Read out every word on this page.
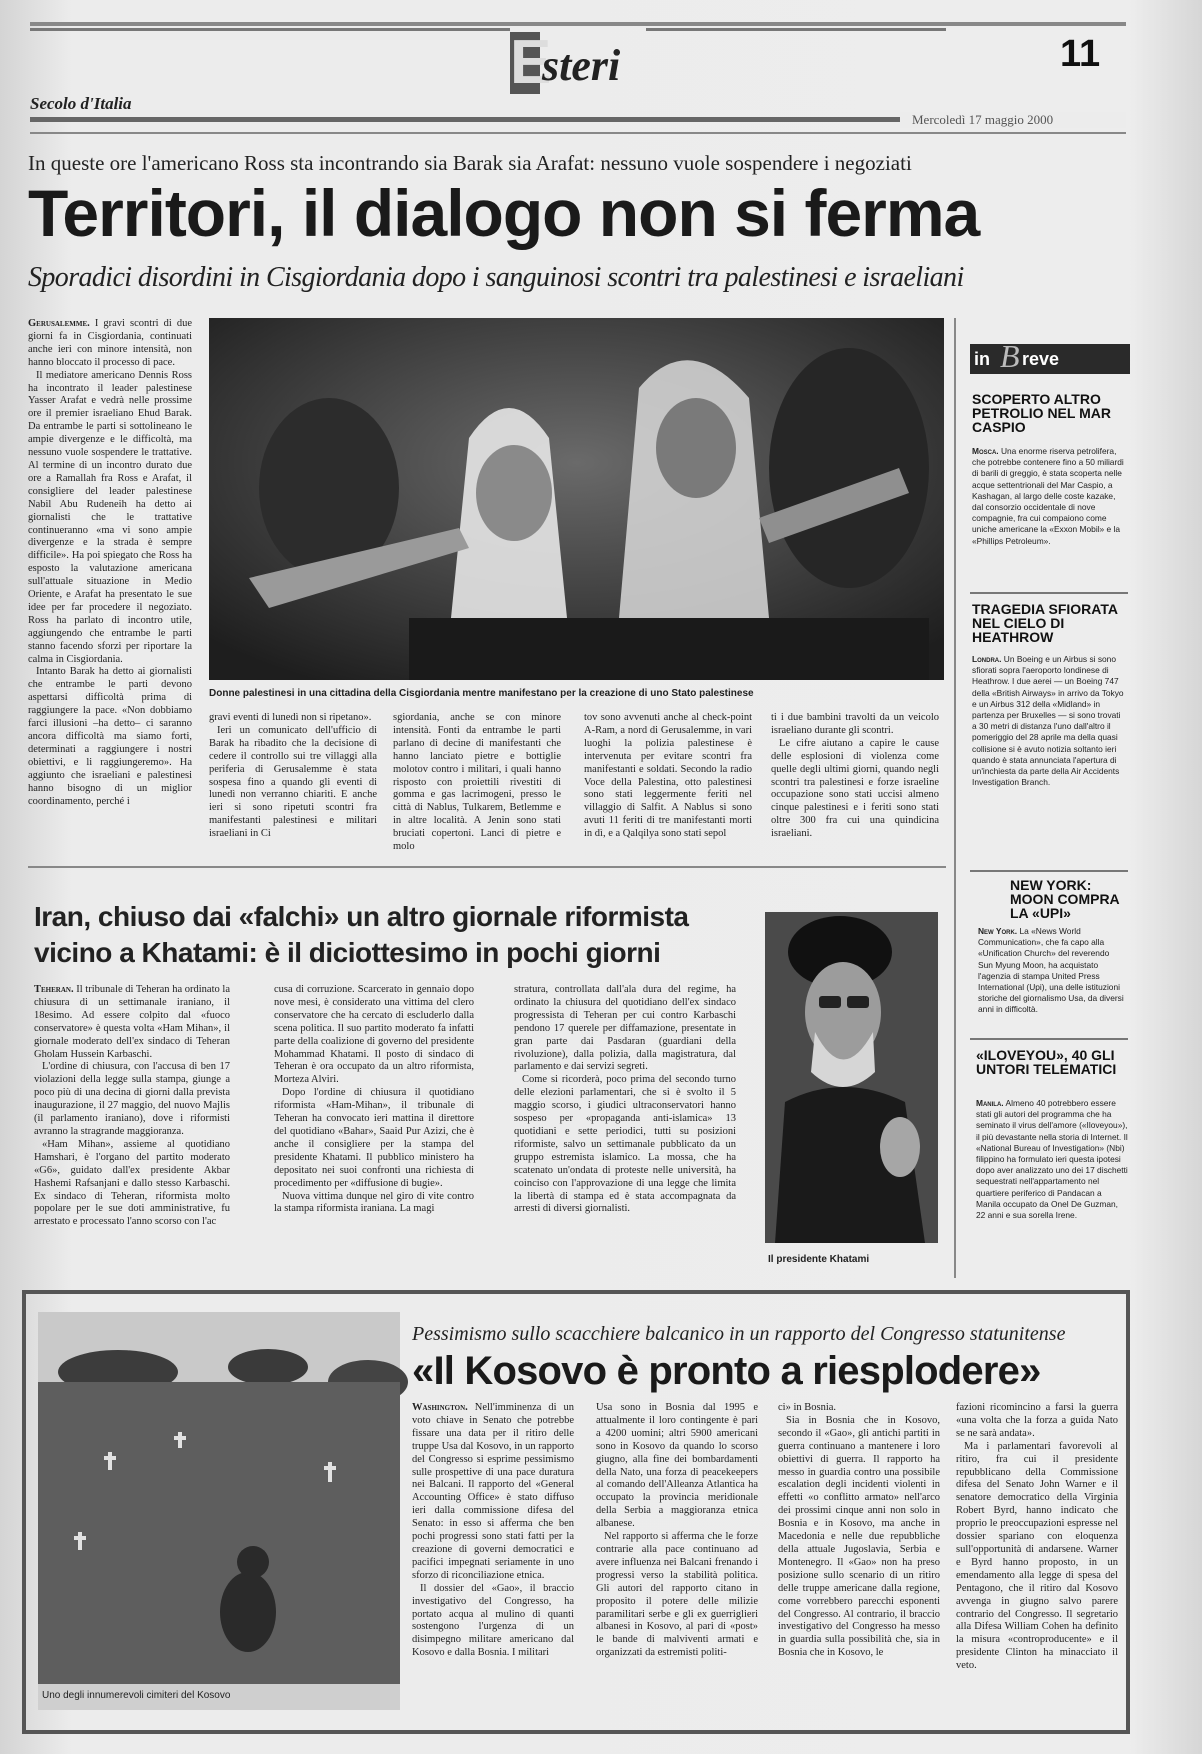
E
steri	11
Secolo d'Italia
Mercoledì 17 maggio 2000
In queste ore l'americano Ross sta incontrando sia Barak sia Arafat: nessuno vuole sospendere i negoziati
Territori, il dialogo non si ferma
Sporadici disordini in Cisgiordania dopo i sanguinosi scontri tra palestinesi e israeliani

Gerusalemme. I gravi scontri di due giorni fa in Cisgiordania, continuati anche ieri con minore intensità, non hanno bloccato il processo di pace.

Il mediatore americano Dennis Ross ha incontrato il leader palestinese Yasser Arafat e vedrà nelle prossime ore il premier israeliano Ehud Barak. Da entrambe le parti si sottolineano le ampie divergenze e le difficoltà, ma nessuno vuole sospendere le trattative. Al termine di un incontro durato due ore a Ramallah fra Ross e Arafat, il consigliere del leader palestinese Nabil Abu Rudeneih ha detto ai giornalisti che le trattative continueranno «ma vi sono ampie divergenze e la strada è sempre difficile». Ha poi spiegato che Ross ha esposto la valutazione americana sull'attuale situazione in Medio Oriente, e Arafat ha presentato le sue idee per far procedere il negoziato. Ross ha parlato di incontro utile, aggiungendo che entrambe le parti stanno facendo sforzi per riportare la calma in Cisgiordania.

Intanto Barak ha detto ai giornalisti che entrambe le parti devono aspettarsi difficoltà prima di raggiungere la pace. «Non dobbiamo farci illusioni –ha detto– ci saranno ancora difficoltà ma siamo forti, determinati a raggiungere i nostri obiettivi, e li raggiungeremo». Ha aggiunto che israeliani e palestinesi hanno bisogno di un miglior coordinamento, perché i

Donne palestinesi in una cittadina della Cisgiordania mentre manifestano per la creazione di uno Stato palestinese

gravi eventi di lunedì non si ripetano».

Ieri un comunicato dell'ufficio di Barak ha ribadito che la decisione di cedere il controllo sui tre villaggi alla periferia di Gerusalemme è stata sospesa fino a quando gli eventi di lunedì non verranno chiariti. E anche ieri si sono ripetuti scontri fra manifestanti palestinesi e militari israeliani in Ci

sgiordania, anche se con minore intensità. Fonti da entrambe le parti parlano di decine di manifestanti che hanno lanciato pietre e bottiglie molotov contro i militari, i quali hanno risposto con proiettili rivestiti di gomma e gas lacrimogeni, presso le città di Nablus, Tulkarem, Betlemme e in altre località. A Jenin sono stati bruciati copertoni. Lanci di pietre e molo

tov sono avvenuti anche al check-point A-Ram, a nord di Gerusalemme, in vari luoghi la polizia palestinese è intervenuta per evitare scontri fra manifestanti e soldati. Secondo la radio Voce della Palestina, otto palestinesi sono stati leggermente feriti nel villaggio di Salfit. A Nablus si sono avuti 11 feriti di tre manifestanti morti in dì, e a Qalqilya sono stati sepol

ti i due bambini travolti da un veicolo israeliano durante gli scontri.

Le cifre aiutano a capire le cause delle esplosioni di violenza come quelle degli ultimi giorni, quando negli scontri tra palestinesi e forze israeline occupazione sono stati uccisi almeno cinque palestinesi e i feriti sono stati oltre 300 fra cui una quindicina israeliani.

in B reve
SCOPERTO ALTRO PETROLIO NEL MAR CASPIO
Mosca. Una enorme riserva petrolifera, che potrebbe contenere fino a 50 miliardi di barili di greggio, è stata scoperta nelle acque settentrionali del Mar Caspio, a Kashagan, al largo delle coste kazake, dal consorzio occidentale di nove compagnie, fra cui compaiono come uniche americane la «Exxon Mobil» e la «Phillips Petroleum».
TRAGEDIA SFIORATA NEL CIELO DI HEATHROW
Londra. Un Boeing e un Airbus si sono sfiorati sopra l'aeroporto londinese di Heathrow. I due aerei — un Boeing 747 della «British Airways» in arrivo da Tokyo e un Airbus 312 della «Midland» in partenza per Bruxelles — si sono trovati a 30 metri di distanza l'uno dall'altro il pomeriggio del 28 aprile ma della quasi collisione si è avuto notizia soltanto ieri quando è stata annunciata l'apertura di un'inchiesta da parte della Air Accidents Investigation Branch.
NEW YORK: MOON COMPRA LA «UPI»
New York. La «News World Communication», che fa capo alla «Unification Church» del reverendo Sun Myung Moon, ha acquistato l'agenzia di stampa United Press International (Upi), una delle istituzioni storiche del giornalismo Usa, da diversi anni in difficoltà.
«ILOVEYOU», 40 GLI UNTORI TELEMATICI
Manila. Almeno 40 potrebbero essere stati gli autori del programma che ha seminato il virus dell'amore («Iloveyou»), il più devastante nella storia di Internet. Il «National Bureau of Investigation» (Nbi) filippino ha formulato ieri questa ipotesi dopo aver analizzato uno dei 17 dischetti sequestrati nell'appartamento nel quartiere periferico di Pandacan a Manila occupato da Onel De Guzman, 22 anni e sua sorella Irene.
Iran, chiuso dai «falchi» un altro giornale riformista
vicino a Khatami: è il diciottesimo in pochi giorni

Teheran. Il tribunale di Teheran ha ordinato la chiusura di un settimanale iraniano, il 18esimo. Ad essere colpito dal «fuoco conservatore» è questa volta «Ham Mihan», il giornale moderato dell'ex sindaco di Teheran Gholam Hussein Karbaschi.

L'ordine di chiusura, con l'accusa di ben 17 violazioni della legge sulla stampa, giunge a poco più di una decina di giorni dalla prevista inaugurazione, il 27 maggio, del nuovo Majlis (il parlamento iraniano), dove i riformisti avranno la stragrande maggioranza.

«Ham Mihan», assieme al quotidiano Hamshari, è l'organo del partito moderato «G6», guidato dall'ex presidente Akbar Hashemi Rafsanjani e dallo stesso Karbaschi. Ex sindaco di Teheran, riformista molto popolare per le sue doti amministrative, fu arrestato e processato l'anno scorso con l'ac

cusa di corruzione. Scarcerato in gennaio dopo nove mesi, è considerato una vittima del clero conservatore che ha cercato di escluderlo dalla scena politica. Il suo partito moderato fa infatti parte della coalizione di governo del presidente Mohammad Khatami. Il posto di sindaco di Teheran è ora occupato da un altro riformista, Morteza Alviri.

Dopo l'ordine di chiusura il quotidiano riformista «Ham-Mihan», il tribunale di Teheran ha convocato ieri mattina il direttore del quotidiano «Bahar», Saaid Pur Azizi, che è anche il consigliere per la stampa del presidente Khatami. Il pubblico ministero ha depositato nei suoi confronti una richiesta di procedimento per «diffusione di bugie».

Nuova vittima dunque nel giro di vite contro la stampa riformista iraniana. La magi

stratura, controllata dall'ala dura del regime, ha ordinato la chiusura del quotidiano dell'ex sindaco progressista di Teheran per cui contro Karbaschi pendono 17 querele per diffamazione, presentate in gran parte dai Pasdaran (guardiani della rivoluzione), dalla polizia, dalla magistratura, dal parlamento e dai servizi segreti.

Come si ricorderà, poco prima del secondo turno delle elezioni parlamentari, che si è svolto il 5 maggio scorso, i giudici ultraconservatori hanno sospeso per «propaganda anti-islamica» 13 quotidiani e sette periodici, tutti su posizioni riformiste, salvo un settimanale pubblicato da un gruppo estremista islamico. La mossa, che ha scatenato un'ondata di proteste nelle università, ha coinciso con l'approvazione di una legge che limita la libertà di stampa ed è stata accompagnata da arresti di diversi giornalisti.

Il presidente Khatami
Uno degli innumerevoli cimiteri del Kosovo
Pessimismo sullo scacchiere balcanico in un rapporto del Congresso statunitense
«Il Kosovo è pronto a riesplodere»

Washington. Nell'imminenza di un voto chiave in Senato che potrebbe fissare una data per il ritiro delle truppe Usa dal Kosovo, in un rapporto del Congresso si esprime pessimismo sulle prospettive di una pace duratura nei Balcani. Il rapporto del «General Accounting Office» è stato diffuso ieri dalla commissione difesa del Senato: in esso si afferma che ben pochi progressi sono stati fatti per la creazione di governi democratici e pacifici impegnati seriamente in uno sforzo di riconciliazione etnica.

Il dossier del «Gao», il braccio investigativo del Congresso, ha portato acqua al mulino di quanti sostengono l'urgenza di un disimpegno militare americano dal Kosovo e dalla Bosnia. I militari

Usa sono in Bosnia dal 1995 e attualmente il loro contingente è pari a 4200 uomini; altri 5900 americani sono in Kosovo da quando lo scorso giugno, alla fine dei bombardamenti della Nato, una forza di peacekeepers al comando dell'Alleanza Atlantica ha occupato la provincia meridionale della Serbia a maggioranza etnica albanese.

Nel rapporto si afferma che le forze contrarie alla pace continuano ad avere influenza nei Balcani frenando i progressi verso la stabilità politica. Gli autori del rapporto citano in proposito il potere delle milizie paramilitari serbe e gli ex guerriglieri albanesi in Kosovo, al pari di «post» le bande di malviventi armati e organizzati da estremisti politi-

ci» in Bosnia.

Sia in Bosnia che in Kosovo, secondo il «Gao», gli antichi partiti in guerra continuano a mantenere i loro obiettivi di guerra. Il rapporto ha messo in guardia contro una possibile escalation degli incidenti violenti in effetti «o conflitto armato» nell'arco dei prossimi cinque anni non solo in Bosnia e in Kosovo, ma anche in Macedonia e nelle due repubbliche della attuale Jugoslavia, Serbia e Montenegro. Il «Gao» non ha preso posizione sullo scenario di un ritiro delle truppe americane dalla regione, come vorrebbero parecchi esponenti del Congresso. Al contrario, il braccio investigativo del Congresso ha messo in guardia sulla possibilità che, sia in Bosnia che in Kosovo, le

fazioni ricomincino a farsi la guerra «una volta che la forza a guida Nato se ne sarà andata».

Ma i parlamentari favorevoli al ritiro, fra cui il presidente repubblicano della Commissione difesa del Senato John Warner e il senatore democratico della Virginia Robert Byrd, hanno indicato che proprio le preoccupazioni espresse nel dossier spariano con eloquenza sull'opportunità di andarsene. Warner e Byrd hanno proposto, in un emendamento alla legge di spesa del Pentagono, che il ritiro dal Kosovo avvenga in giugno salvo parere contrario del Congresso. Il segretario alla Difesa William Cohen ha definito la misura «controproducente» e il presidente Clinton ha minacciato il veto.
